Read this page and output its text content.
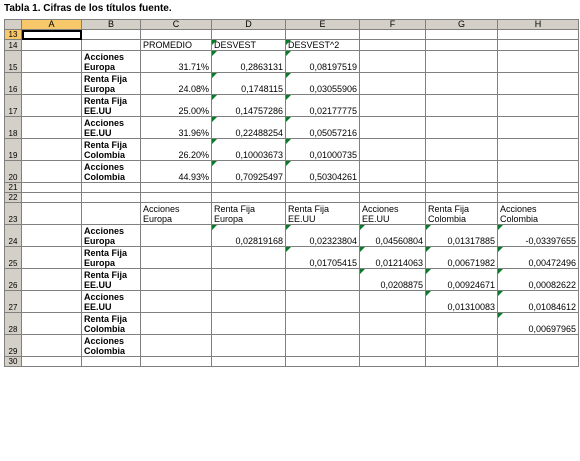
Tabla 1. Cifras de los títulos fuente.
	A	B	C	D	E	F	G	H
13								
14			PROMEDIO	DESVEST	DESVEST^2

15		Acciones Europa	31.71%	0,2863131	0,08197519

16		Renta Fija Europa	24.08%	0,1748115	0,03055906

17		Renta Fija EE.UU	25.00%	0,14757286	0,02177775

18		Acciones EE.UU	31.96%	0,22488254	0,05057216

19		Renta Fija Colombia	26.20%	0,10003673	0,01000735

20		Acciones Colombia	44.93%	0,70925497	0,50304261

21								
22								
23			Acciones Europa	Renta Fija Europa	Renta Fija EE.UU	Acciones EE.UU	Renta Fija Colombia	Acciones Colombia
24		Acciones Europa		0,02819168	0,02323804	0,04560804	0,01317885	-0,03397655

25		Renta Fija Europa			0,01705415	0,01214063	0,00671982	0,00472496

26		Renta Fija EE.UU				0,0208875	0,00924671	0,00082622

27		Acciones EE.UU					0,01310083	0,01084612

28		Renta Fija Colombia						0,00697965

29		Acciones Colombia						
30								
